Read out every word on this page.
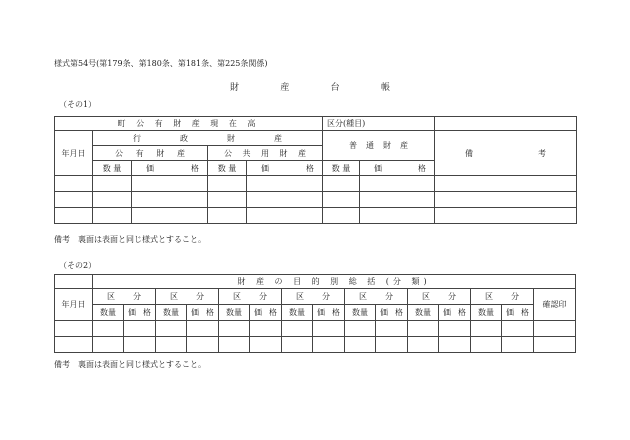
様式第54号(第179条、第180条、第181条、第225条関係)
財	産	台	帳
（その1）
町 公 有 財 産 現 在 高					区分(種目)		
年月日	行 政 財 産				普 通 財 産		備 考

	公 有 財 産		公 共 用 財 産				

	数 量	価 格	数 量	価 格	数 量	価 格	

備考　裏面は表面と同じ様式とすること。
（その2）
	財 産 の 目 的 別 総 括 (分 類)														
年月日	区 分		区 分		区 分		区 分		区 分		区 分		区 分		確認印
	数量	価 格	数量	価 格	数量	価 格	数量	価 格	数量	価 格	数量	価 格	数量	価 格	

備考　裏面は表面と同じ様式とすること。
